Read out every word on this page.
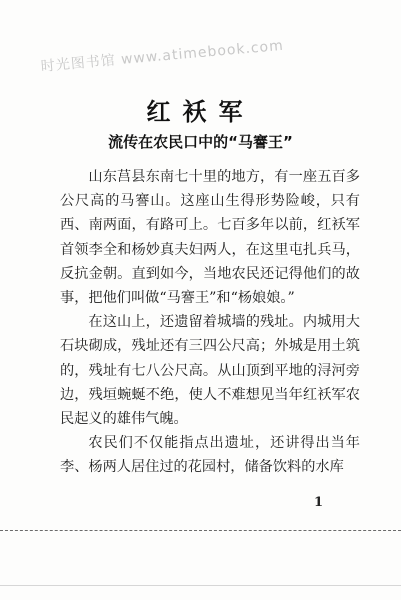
时光图书馆 www.atimebook.com
红袄军
流传在农民口中的“马謇王”

山东莒县东南七十里的地方，有一座五百多公尺高的马謇山。这座山生得形势险峻，只有西、南两面，有路可上。七百多年以前，红袄军首领李全和杨妙真夫妇两人，在这里屯扎兵马，反抗金朝。直到如今，当地农民还记得他们的故事，把他们叫做“马謇王”和“杨娘娘。”

在这山上，还遗留着城墙的残址。内城用大石块砌成，残址还有三四公尺高；外城是用土筑的，残址有七八公尺高。从山顶到平地的浔河旁边，残垣蜿蜒不绝，使人不难想见当年红袄军农民起义的雄伟气魄。

农民们不仅能指点出遗址，还讲得出当年李、杨两人居住过的花园村，储备饮料的水库

1
